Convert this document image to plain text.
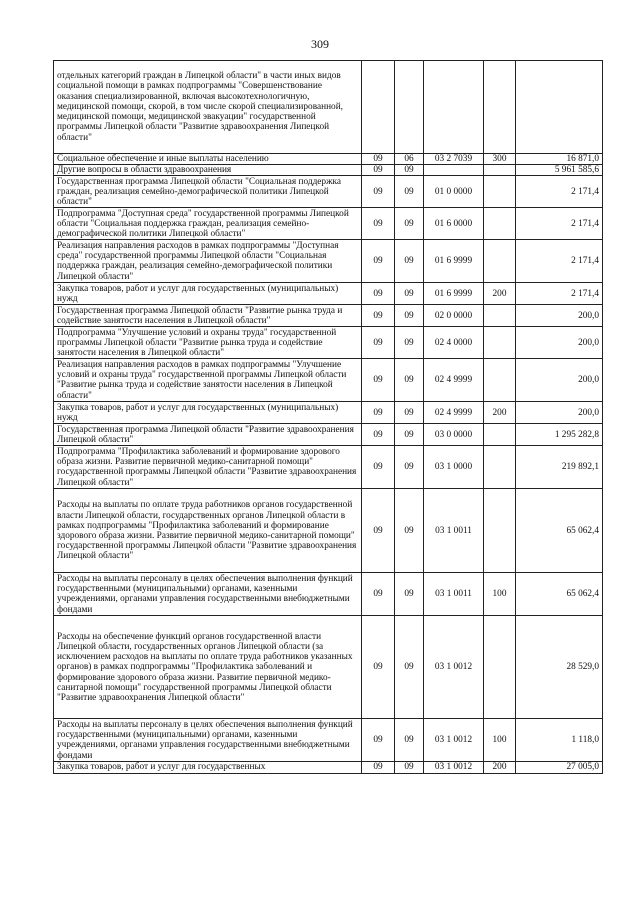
309
отдельных категорий граждан в Липецкой области" в части иных видов социальной помощи в рамках подпрограммы "Совершенствование оказания специализированной, включая высокотехнологичную, медицинской помощи, скорой, в том числе скорой специализированной, медицинской помощи, медицинской эвакуации" государственной программы Липецкой области "Развитие здравоохранения Липецкой области"					
Социальное обеспечение и иные выплаты населению	09	06	03 2 7039	300	16 871,0
Другие вопросы в области здравоохранения	09	09			5 961 585,6
Государственная программа Липецкой области "Социальная поддержка граждан, реализация семейно-демографической политики Липецкой области"	09	09	01 0 0000		2 171,4
Подпрограмма "Доступная среда" государственной программы Липецкой области "Социальная поддержка граждан, реализация семейно-демографической политики Липецкой области"	09	09	01 6 0000		2 171,4
Реализация направления расходов в рамках подпрограммы "Доступная среда" государственной программы Липецкой области "Социальная поддержка граждан, реализация семейно-демографической политики Липецкой области"	09	09	01 6 9999		2 171,4
Закупка товаров, работ и услуг для государственных (муниципальных) нужд	09	09	01 6 9999	200	2 171,4
Государственная программа Липецкой области "Развитие рынка труда и содействие занятости населения в Липецкой области"	09	09	02 0 0000		200,0
Подпрограмма "Улучшение условий и охраны труда" государственной программы Липецкой области "Развитие рынка труда и содействие занятости населения в Липецкой области"	09	09	02 4 0000		200,0
Реализация направления расходов в рамках подпрограммы "Улучшение условий и охраны труда" государственной программы Липецкой области "Развитие рынка труда и содействие занятости населения в Липецкой области"	09	09	02 4 9999		200,0
Закупка товаров, работ и услуг для государственных (муниципальных) нужд	09	09	02 4 9999	200	200,0
Государственная программа Липецкой области "Развитие здравоохранения Липецкой области"	09	09	03 0 0000		1 295 282,8
Подпрограмма "Профилактика заболеваний и формирование здорового образа жизни. Развитие первичной медико-санитарной помощи" государственной программы Липецкой области "Развитие здравоохранения Липецкой области"	09	09	03 1 0000		219 892,1
Расходы на выплаты по оплате труда работников органов государственной власти Липецкой области, государственных органов Липецкой области в рамках подпрограммы "Профилактика заболеваний и формирование здорового образа жизни. Развитие первичной медико-санитарной помощи" государственной программы Липецкой области "Развитие здравоохранения Липецкой области"	09	09	03 1 0011		65 062,4
Расходы на выплаты персоналу в целях обеспечения выполнения функций государственными (муниципальными) органами, казенными учреждениями, органами управления государственными внебюджетными фондами	09	09	03 1 0011	100	65 062,4
Расходы на обеспечение функций органов государственной власти Липецкой области, государственных органов Липецкой области (за исключением расходов на выплаты по оплате труда работников указанных органов) в рамках подпрограммы "Профилактика заболеваний и формирование здорового образа жизни. Развитие первичной медико-санитарной помощи" государственной программы Липецкой области "Развитие здравоохранения Липецкой области"	09	09	03 1 0012		28 529,0
Расходы на выплаты персоналу в целях обеспечения выполнения функций государственными (муниципальными) органами, казенными учреждениями, органами управления государственными внебюджетными фондами	09	09	03 1 0012	100	1 118,0
Закупка товаров, работ и услуг для государственных	09	09	03 1 0012	200	27 005,0
